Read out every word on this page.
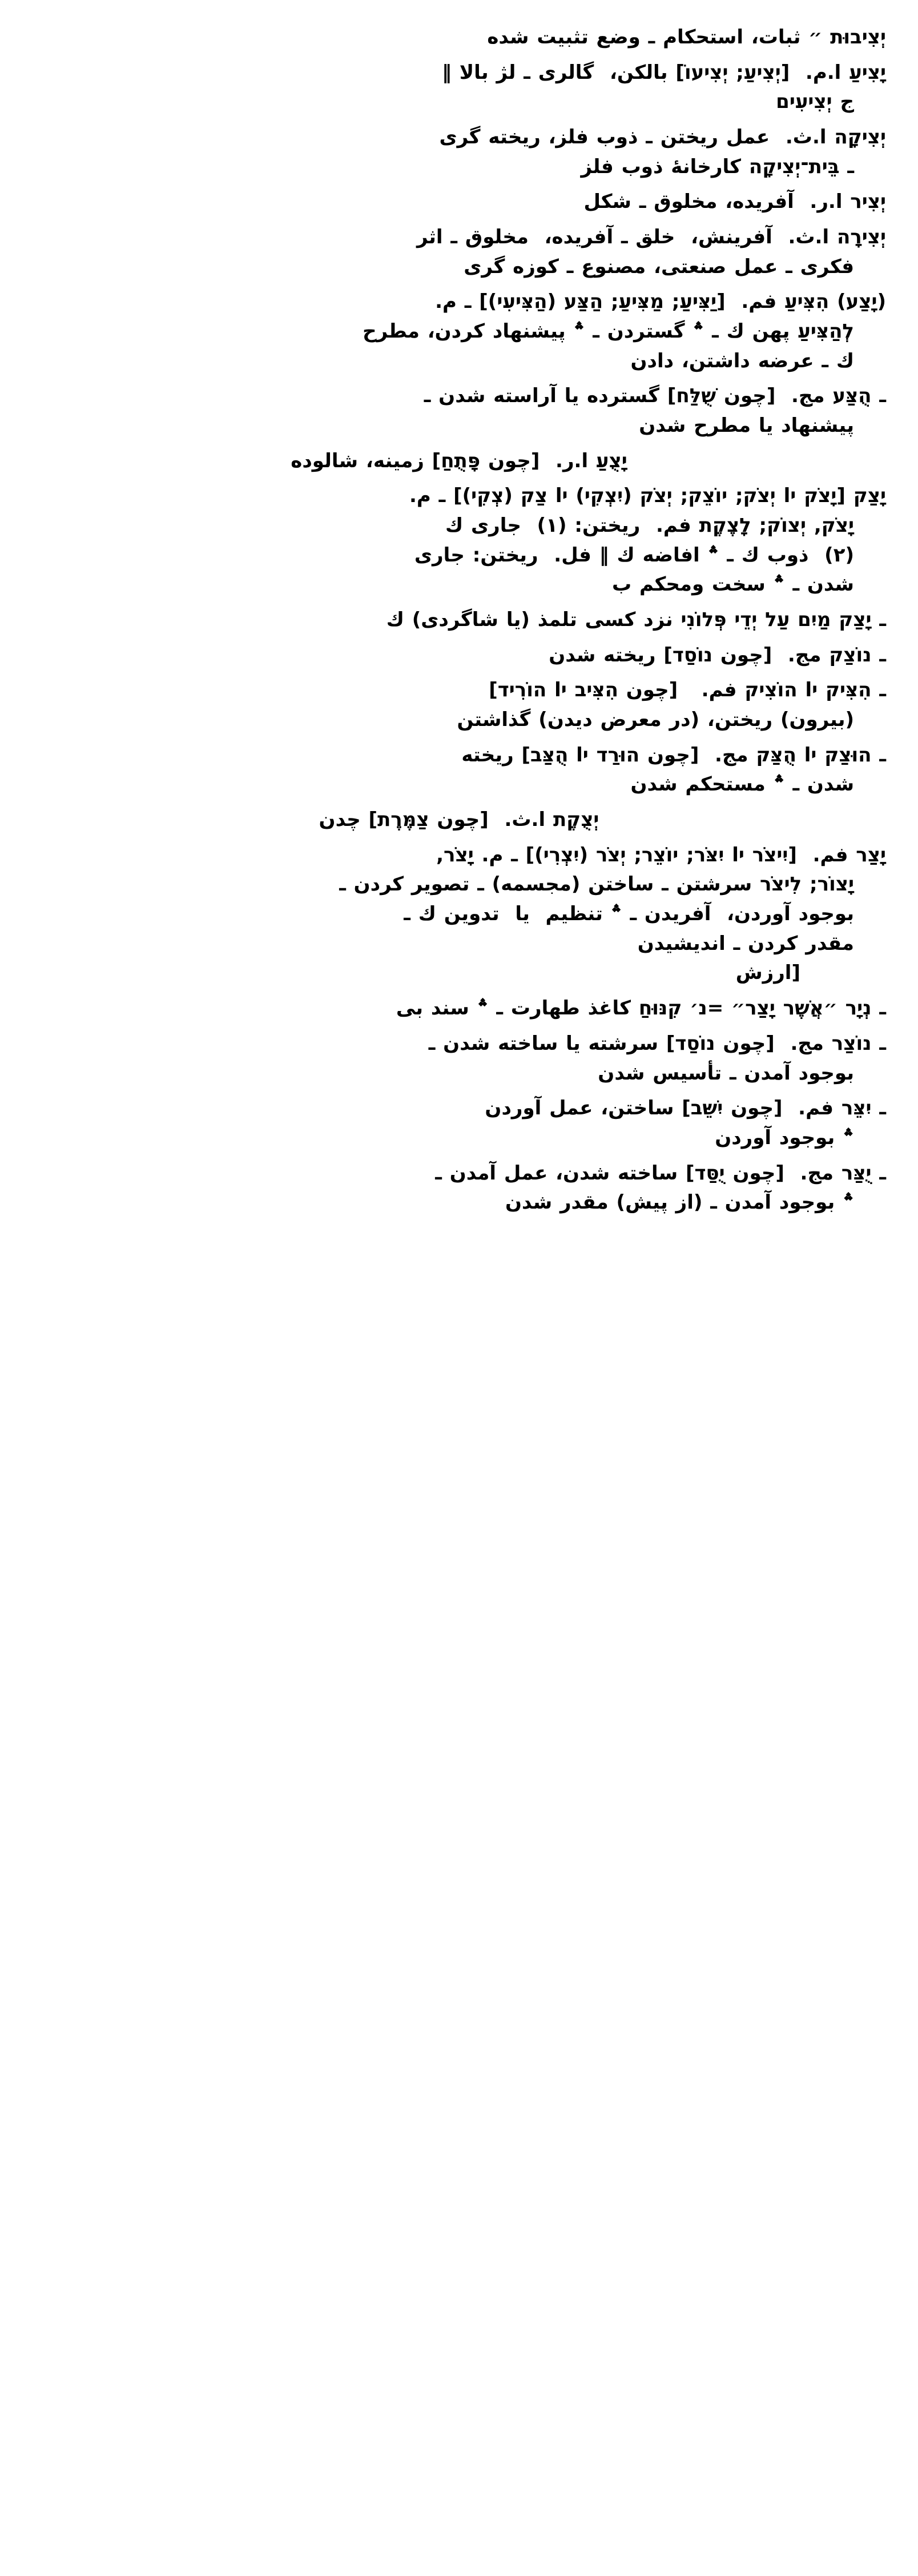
יְצִיבוּת ״ ثبات، استحكام ـ وضع تثبيت شده
יָצִיעַ ا.م.  [יְצִיעַ; יְצִיעוֹ] بالكن،  گالرى ـ لژ بالا ‖
ج יְצִיעִים
יְצִיקָה ا.ث.  عمل ريختن ـ ذوب فلز، ريخته گرى
ـ בֵּית־יְצִיקָה كارخانهٔ ذوب فلز
יְצִיר ا.ر.  آفريده، مخلوق ـ شكل
יְצִירָה ا.ث.  آفرينش،  خلق ـ آفريده،  مخلوق ـ اثر
فكرى ـ عمل صنعتى، مصنوع ـ كوزه گرى
(יָצַע) הִצִּיעַ فم.  [יַצִּיעַ; מַצִּיעַ; הַצַּע (הַצִּיעִי)] ـ م.
לְהַצִּיעַ پهن ك ـ ؞ گستردن ـ ؞ پيشنهاد كردن، مطرح
ك ـ عرضه داشتن، دادن
ـ הֻצַּע مج.  [چون שֻׁלַּח] گسترده يا آراسته شدن ـ
پيشنهاد يا مطرح شدن
יָצֻעַ ا.ر.  [چون פָּתֻחַ] زمينه، شالوده
יָצַק [יָצֹק יا יְצֹק; יוֹצֵק; יְצֹק (יִצְקִי) יا צַק (צְקִי)] ـ م.
יָצֹק, יְצוֹק; לָצֶקֶת فم.  ريختن: (١)  جارى ك
(٢)  ذوب ك ـ ؞ افاضه ك ‖ فل.  ريختن: جارى
شدن ـ ؞ سخت ومحكم ب
ـ יָצַק מַיִם עַל יְדֵי פְּלוֹנִי نزد كسى تلمذ (يا شاگردى) ك
ـ נוֹצַק مج.  [چون נוֹסַד] ريخته شدن
ـ הִצִּיק יا הוֹצִיק فم.   [چون הִצִּיב יا הוֹרִיד]
(بيرون) ريختن، (در معرض ديدن) گذاشتن
ـ הוּצַק יا הֻצַּק مج.  [چون הוּרַד יا הֻצַּב] ريخته
شدن ـ ؞ مستحكم شدن
יְצֻקֶת ا.ث.  [چون צַמֶּרֶת] چدن
יָצַר فم.  [יִיצֹר יا יִצֹּר; יוֹצֵר; יְצֹר (יִצְרִי)] ـ م. יָצֹר,
יָצוֹר; לִיצֹר سرشتن ـ ساختن (مجسمه) ـ تصوير كردن ـ
بوجود آوردن،  آفريدن ـ ؞ تنظيم  يا  تدوين ك ـ
مقدر كردن ـ انديشيدن
[ارزش
ـ נְיָר ״אֲשֶׁר יָצַר״ =נ׳ קִנּוּחַ كاغذ طهارت ـ ؞ سند بى
ـ נוֹצַר مج.  [چون נוֹסַד] سرشته يا ساخته شدن ـ
بوجود آمدن ـ تأسيس شدن
ـ יִצֵּר فم.  [چون יִשֵּׁב] ساختن، عمل آوردن
؞ بوجود آوردن
ـ יֻצַּר مج.  [چون יֻסַּד] ساخته شدن، عمل آمدن ـ
؞ بوجود آمدن ـ (از پيش) مقدر شدن
